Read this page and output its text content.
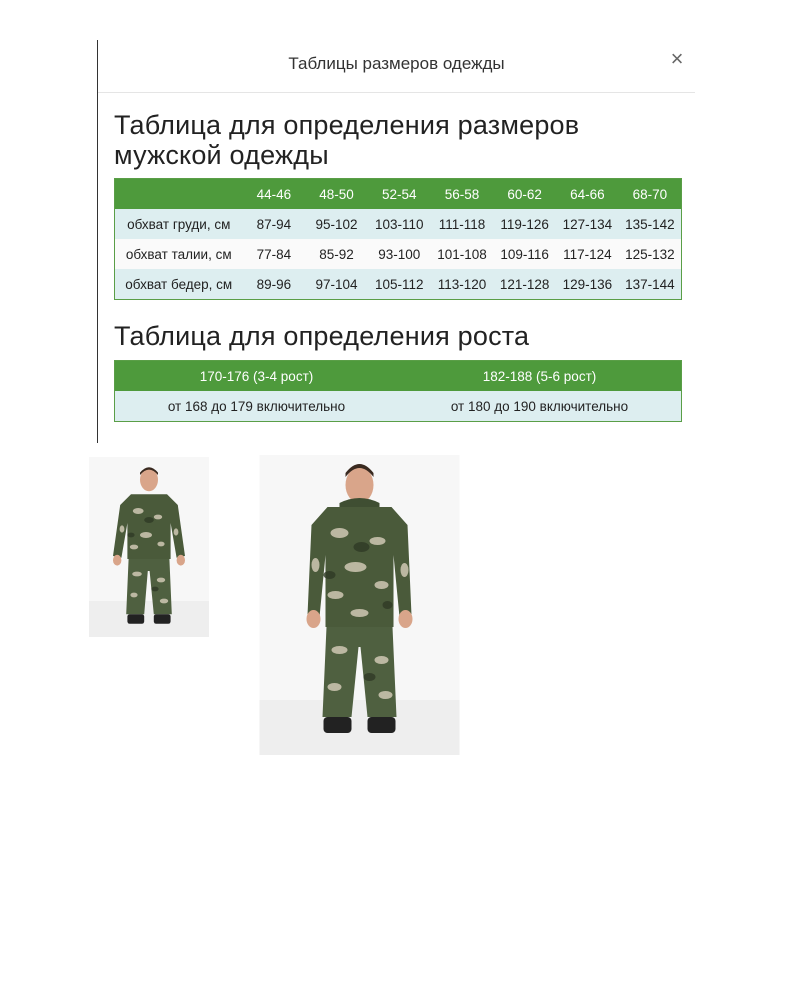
Таблицы размеров одежды	×
Таблица для определения размеров мужской одежды
	44-46	48-50	52-54	56-58	60-62	64-66	68-70
обхват груди, см	87-94	95-102	103-110	111-118	119-126	127-134	135-142
обхват талии, см	77-84	85-92	93-100	101-108	109-116	117-124	125-132
обхват бедер, см	89-96	97-104	105-112	113-120	121-128	129-136	137-144
Таблица для определения роста
170-176 (3-4 рост)	182-188 (5-6 рост)
от 168 до 179 включительно	от 180 до 190 включительно
